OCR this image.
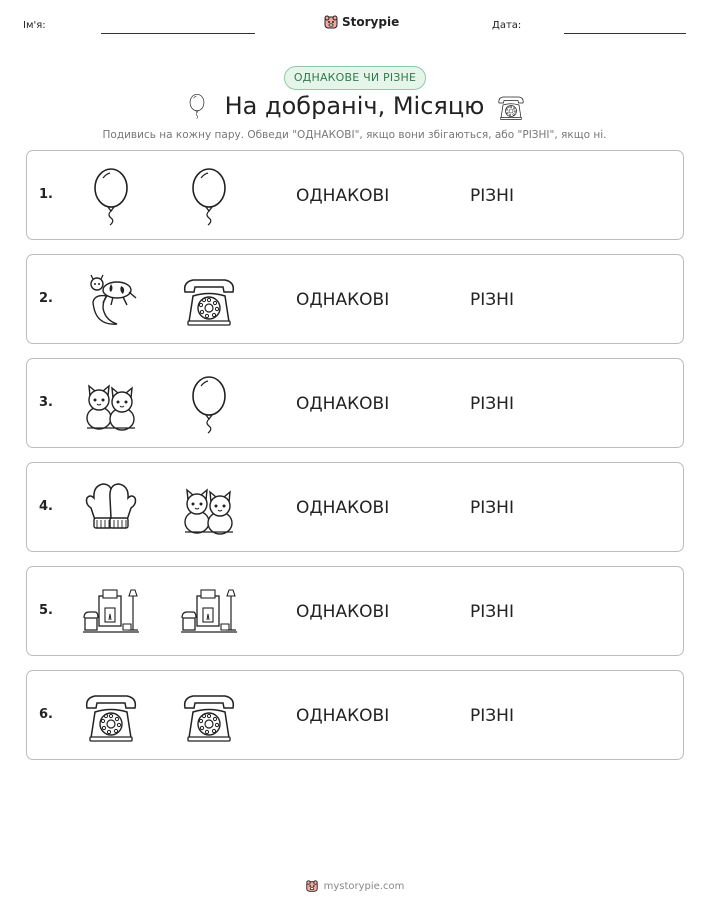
Ім'я:	Storypie	Дата:
ОДНАКОВЕ ЧИ РІЗНЕ
На добраніч, Місяцю
Подивись на кожну пару. Обведи "ОДНАКОВІ", якщо вони збігаються, або "РІЗНІ", якщо ні.
1.	ОДНАКОВІ	РІЗНІ
2.	ОДНАКОВІ	РІЗНІ
3.	ОДНАКОВІ	РІЗНІ
4.	ОДНАКОВІ	РІЗНІ
5.	ОДНАКОВІ	РІЗНІ
6.	ОДНАКОВІ	РІЗНІ
mystorypie.com
